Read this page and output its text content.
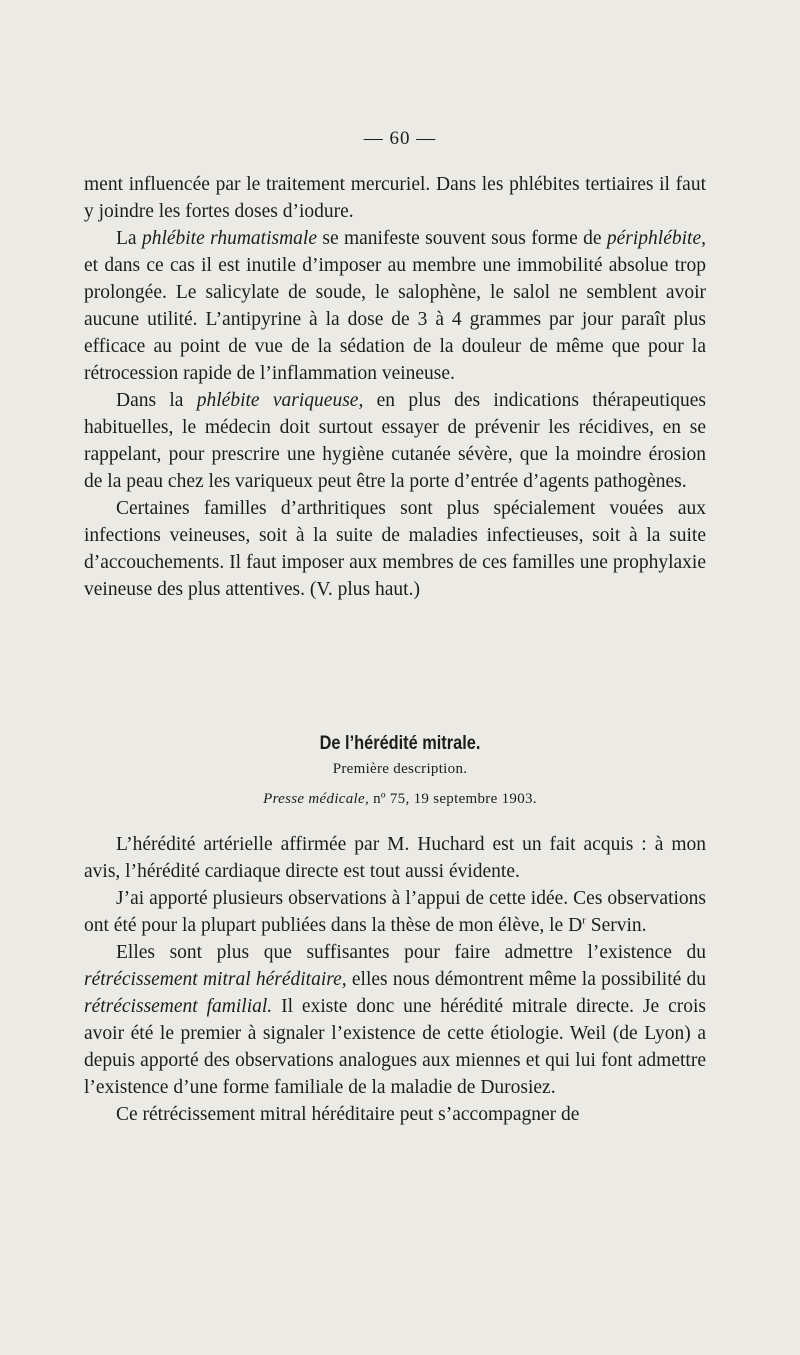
— 60 —

ment influencée par le traitement mercuriel. Dans les phlébites tertiaires il faut y joindre les fortes doses d’iodure.

La phlébite rhumatismale se manifeste souvent sous forme de périphlébite, et dans ce cas il est inutile d’imposer au membre une immobilité absolue trop prolongée. Le salicylate de soude, le salophène, le salol ne semblent avoir aucune utilité. L’antipyrine à la dose de 3 à 4 grammes par jour paraît plus efficace au point de vue de la sédation de la douleur de même que pour la rétrocession rapide de l’inflammation veineuse.

Dans la phlébite variqueuse, en plus des indications thérapeutiques habituelles, le médecin doit surtout essayer de prévenir les récidives, en se rappelant, pour prescrire une hygiène cutanée sévère, que la moindre érosion de la peau chez les variqueux peut être la porte d’entrée d’agents pathogènes.

Certaines familles d’arthritiques sont plus spécialement vouées aux infections veineuses, soit à la suite de maladies infectieuses, soit à la suite d’accouchements. Il faut imposer aux membres de ces familles une prophylaxie veineuse des plus attentives. (V. plus haut.)

De l’hérédité mitrale.
Première description.
Presse médicale, nº 75, 19 septembre 1903.

L’hérédité artérielle affirmée par M. Huchard est un fait acquis : à mon avis, l’hérédité cardiaque directe est tout aussi évidente.

J’ai apporté plusieurs observations à l’appui de cette idée. Ces observations ont été pour la plupart publiées dans la thèse de mon élève, le $D^r$ Servin.

Elles sont plus que suffisantes pour faire admettre l’existence du rétrécissement mitral héréditaire, elles nous démontrent même la possibilité du rétrécissement familial. Il existe donc une hérédité mitrale directe. Je crois avoir été le premier à signaler l’existence de cette étiologie. Weil (de Lyon) a depuis apporté des observations analogues aux miennes et qui lui font admettre l’existence d’une forme familiale de la maladie de Durosiez.

Ce rétrécissement mitral héréditaire peut s’accompagner de
